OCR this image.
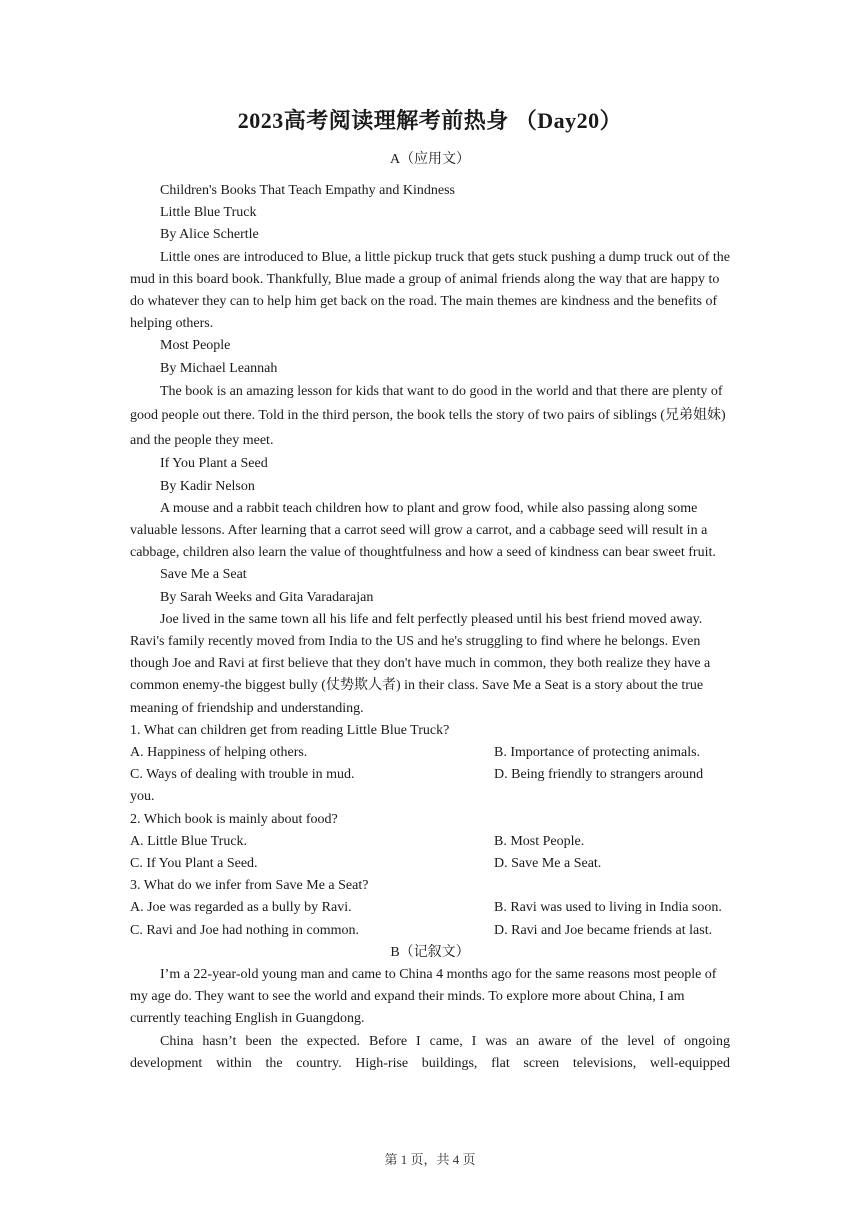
2023高考阅读理解考前热身 （Day20）
A（应用文）

Children's Books That Teach Empathy and Kindness

Little Blue Truck

By Alice Schertle

Little ones are introduced to Blue, a little pickup truck that gets stuck pushing a dump truck out of the mud in this board book. Thankfully, Blue made a group of animal friends along the way that are happy to do whatever they can to help him get back on the road. The main themes are kindness and the benefits of helping others.

Most People

By Michael Leannah

The book is an amazing lesson for kids that want to do good in the world and that there are plenty of good people out there. Told in the third person, the book tells the story of two pairs of siblings (兄弟姐妹) and the people they meet.

If You Plant a Seed

By Kadir Nelson

A mouse and a rabbit teach children how to plant and grow food, while also passing along some valuable lessons. After learning that a carrot seed will grow a carrot, and a cabbage seed will result in a cabbage, children also learn the value of thoughtfulness and how a seed of kindness can bear sweet fruit.

Save Me a Seat

By Sarah Weeks and Gita Varadarajan

Joe lived in the same town all his life and felt perfectly pleased until his best friend moved away. Ravi's family recently moved from India to the US and he's struggling to find where he belongs. Even though Joe and Ravi at first believe that they don't have much in common, they both realize they have a common enemy-the biggest bully (仗势欺人者) in their class. Save Me a Seat is a story about the true meaning of friendship and understanding.

1. What can children get from reading Little Blue Truck?

A. Happiness of helping others.	B. Importance of protecting animals.
C. Ways of dealing with trouble in mud.	D. Being friendly to strangers around

you.

2. Which book is mainly about food?

A. Little Blue Truck.	B. Most People.
C. If You Plant a Seed.	D. Save Me a Seat.

3. What do we infer from Save Me a Seat?

A. Joe was regarded as a bully by Ravi.	B. Ravi was used to living in India soon.
C. Ravi and Joe had nothing in common.	D. Ravi and Joe became friends at last.

B（记叙文）

I’m a 22-year-old young man and came to China 4 months ago for the same reasons most people of my age do. They want to see the world and expand their minds. To explore more about China, I am currently teaching English in Guangdong.

China hasn’t been the expected. Before I came, I was an aware of the level of ongoing

development within the country. High-rise buildings, flat screen televisions, well-equipped

第 1 页，共 4 页
